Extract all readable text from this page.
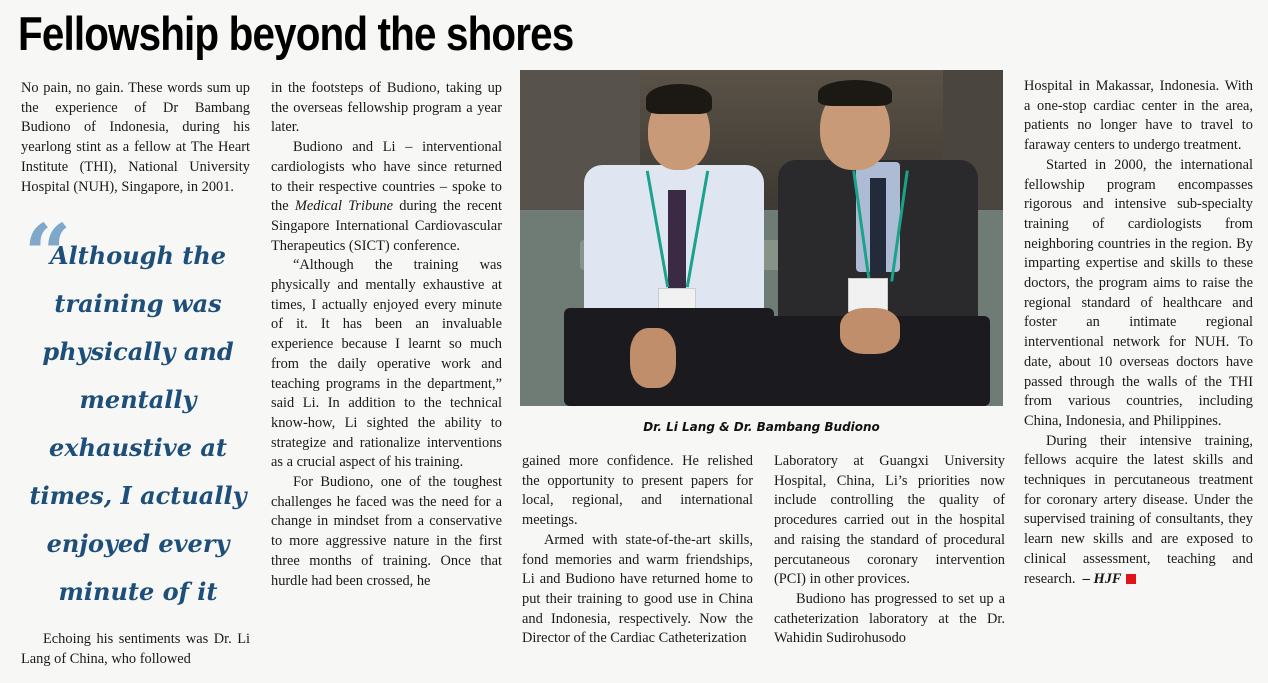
Fellowship beyond the shores

No pain, no gain. These words sum up the experience of Dr Bambang Budiono of Indonesia, during his yearlong stint as a fellow at The Heart Institute (THI), National University Hospital (NUH), Singapore, in 2001.

“
Although the training was physically and mentally exhaustive at times, I actually enjoyed every minute of it

Echoing his sentiments was Dr. Li Lang of China, who followed

in the footsteps of Budiono, taking up the overseas fellowship program a year later.

Budiono and Li – interventional cardiologists who have since returned to their respective countries – spoke to the Medical Tribune during the recent Singapore International Cardiovascular Therapeutics (SICT) conference.

“Although the training was physically and mentally exhaustive at times, I actually enjoyed every minute of it. It has been an invaluable experience because I learnt so much from the daily operative work and teaching programs in the department,” said Li. In addition to the technical know-how, Li sighted the ability to strategize and rationalize interventions as a crucial aspect of his training.

For Budiono, one of the toughest challenges he faced was the need for a change in mindset from a conservative to more aggressive nature in the first three months of training. Once that hurdle had been crossed, he

Dr. Li Lang & Dr. Bambang Budiono

gained more confidence. He relished the opportunity to present papers for local, regional, and international meetings.

Armed with state-of-the-art skills, fond memories and warm friendships, Li and Budiono have returned home to put their training to good use in China and Indonesia, respectively. Now the Director of the Cardiac Catheterization

Laboratory at Guangxi University Hospital, China, Li’s priorities now include controlling the quality of procedures carried out in the hospital and raising the standard of procedural percutaneous coronary intervention (PCI) in other provices.

Budiono has progressed to set up a catheterization laboratory at the Dr. Wahidin Sudirohusodo

Hospital in Makassar, Indonesia. With a one-stop cardiac center in the area, patients no longer have to travel to faraway centers to undergo treatment.

Started in 2000, the international fellowship program encompasses rigorous and intensive sub-specialty training of cardiologists from neighboring countries in the region. By imparting expertise and skills to these doctors, the program aims to raise the regional standard of healthcare and foster an intimate regional interventional network for NUH. To date, about 10 overseas doctors have passed through the walls of the THI from various countries, including China, Indonesia, and Philippines.

During their intensive training, fellows acquire the latest skills and techniques in percutaneous treatment for coronary artery disease. Under the supervised training of consultants, they learn new skills and are exposed to clinical assessment, teaching and research. – HJF
